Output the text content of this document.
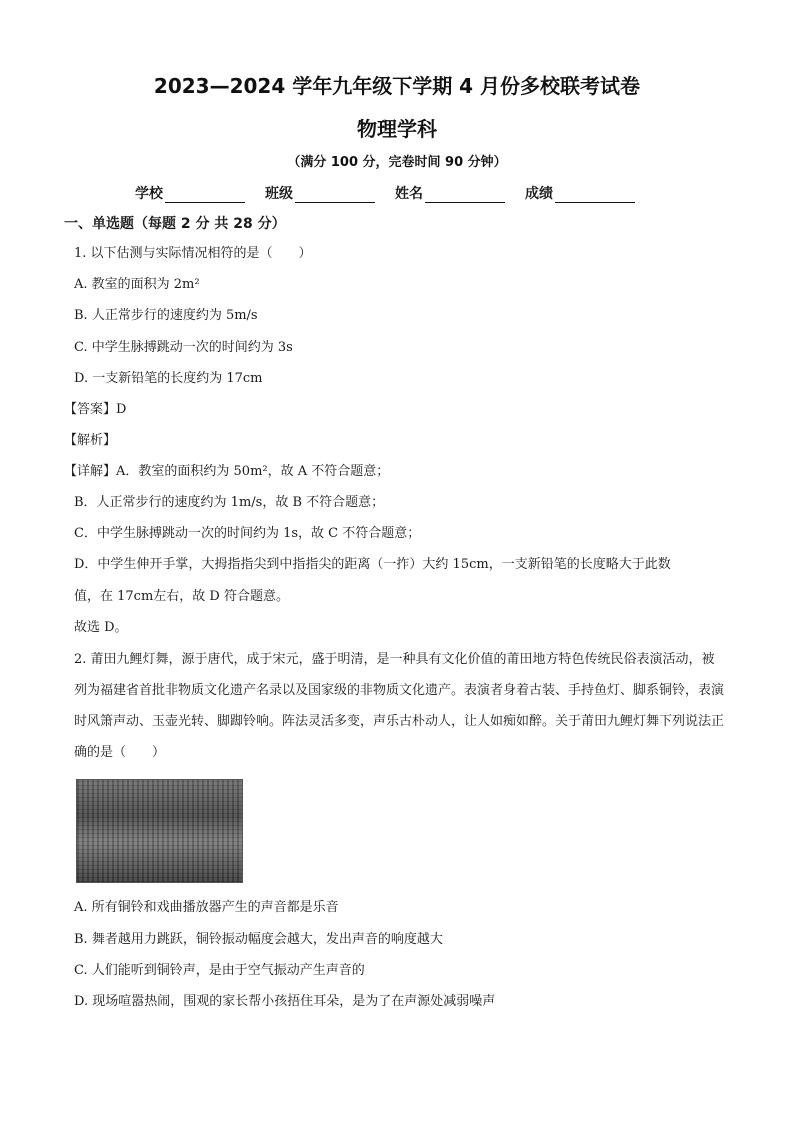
2023—2024 学年九年级下学期 4 月份多校联考试卷
物理学科
（满分 100 分，完卷时间 90 分钟）
学校	班级	姓名	成绩
一、单选题（每题 2 分 共 28 分）
1. 以下估测与实际情况相符的是（　　）
A. 教室的面积为 2m²
B. 人正常步行的速度约为 5m/s
C. 中学生脉搏跳动一次的时间约为 3s
D. 一支新铅笔的长度约为 17cm
【答案】D
【解析】
【详解】A．教室的面积约为 50m²，故 A 不符合题意；
B．人正常步行的速度约为 1m/s，故 B 不符合题意；
C．中学生脉搏跳动一次的时间约为 1s，故 C 不符合题意；
D．中学生伸开手掌，大拇指指尖到中指指尖的距离（一拃）大约 15cm，一支新铅笔的长度略大于此数
值，在 17cm左右，故 D 符合题意。
故选 D。
2. 莆田九鲤灯舞，源于唐代，成于宋元，盛于明清，是一种具有文化价值的莆田地方特色传统民俗表演活动，被列为福建省首批非物质文化遗产名录以及国家级的非物质文化遗产。表演者身着古装、手持鱼灯、脚系铜铃，表演时风箫声动、玉壶光转、脚踋铃响。阵法灵活多变，声乐古朴动人，让人如痴如醉。关于莆田九鲤灯舞下列说法正确的是（　　）
A. 所有铜铃和戏曲播放器产生的声音都是乐音
B. 舞者越用力跳跃，铜铃振动幅度会越大，发出声音的响度越大
C. 人们能听到铜铃声，是由于空气振动产生声音的
D. 现场喧嚣热闹，围观的家长帮小孩捂住耳朵，是为了在声源处减弱噪声
